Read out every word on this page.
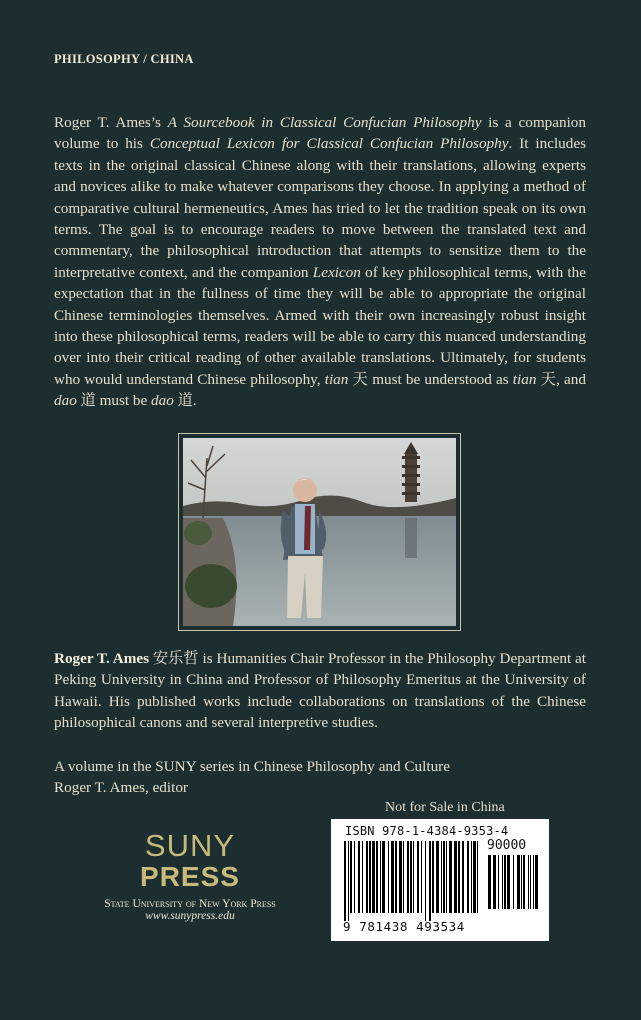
PHILOSOPHY / CHINA
Roger T. Ames’s A Sourcebook in Classical Confucian Philosophy is a companion volume to his Conceptual Lexicon for Classical Confucian Philosophy. It includes texts in the original classical Chinese along with their translations, allowing experts and novices alike to make whatever comparisons they choose. In applying a method of comparative cultural hermeneutics, Ames has tried to let the tradition speak on its own terms. The goal is to encourage readers to move between the translated text and commentary, the philosophical introduction that attempts to sensitize them to the interpretative context, and the companion Lexicon of key philosophical terms, with the expectation that in the fullness of time they will be able to appropriate the original Chinese terminologies themselves. Armed with their own increasingly robust insight into these philosophical terms, readers will be able to carry this nuanced understanding over into their critical reading of other available translations. Ultimately, for students who would understand Chinese philosophy, tian 天 must be understood as tian 天, and dao 道 must be dao 道.
Roger T. Ames 安乐哲 is Humanities Chair Professor in the Philosophy Department at Peking University in China and Professor of Philosophy Emeritus at the University of Hawaii. His published works include collaborations on translations of the Chinese philosophical canons and several interpretive studies.
A volume in the SUNY series in Chinese Philosophy and Culture
Roger T. Ames, editor
Not for Sale in China
SUNY
PRESS
State University of New York Press
www.sunypress.edu
ISBN 978-1-4384-9353-4
90000
9 781438 493534
